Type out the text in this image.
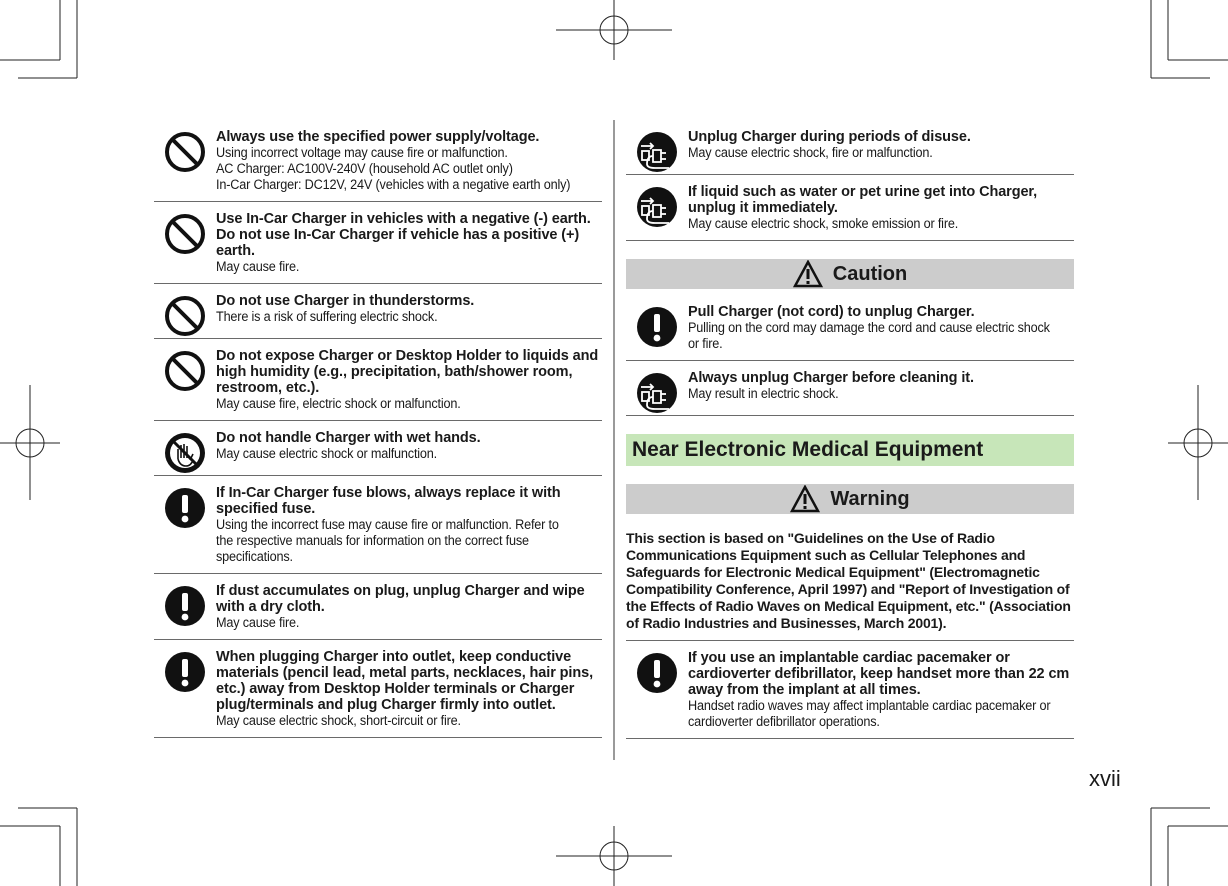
Always use the specified power supply/voltage.
Using incorrect voltage may cause fire or malfunction.
AC Charger: AC100V-240V (household AC outlet only)
In-Car Charger: DC12V, 24V (vehicles with a negative earth only)
Use In-Car Charger in vehicles with a negative (-) earth. Do not use In-Car Charger if vehicle has a positive (+) earth.
May cause fire.
Do not use Charger in thunderstorms.
There is a risk of suffering electric shock.
Do not expose Charger or Desktop Holder to liquids and high humidity (e.g., precipitation, bath/shower room, restroom, etc.).
May cause fire, electric shock or malfunction.
Do not handle Charger with wet hands.
May cause electric shock or malfunction.
If In-Car Charger fuse blows, always replace it with specified fuse.
Using the incorrect fuse may cause fire or malfunction. Refer to the respective manuals for information on the correct fuse specifications.
If dust accumulates on plug, unplug Charger and wipe with a dry cloth.
May cause fire.
When plugging Charger into outlet, keep conductive materials (pencil lead, metal parts, necklaces, hair pins, etc.) away from Desktop Holder terminals or Charger plug/terminals and plug Charger firmly into outlet.
May cause electric shock, short-circuit or fire.
Unplug Charger during periods of disuse.
May cause electric shock, fire or malfunction.
If liquid such as water or pet urine get into Charger, unplug it immediately.
May cause electric shock, smoke emission or fire.
Caution
Pull Charger (not cord) to unplug Charger.
Pulling on the cord may damage the cord and cause electric shock or fire.
Always unplug Charger before cleaning it.
May result in electric shock.
Near Electronic Medical Equipment
Warning
This section is based on "Guidelines on the Use of Radio Communications Equipment such as Cellular Telephones and Safeguards for Electronic Medical Equipment" (Electromagnetic Compatibility Conference, April 1997) and "Report of Investigation of the Effects of Radio Waves on Medical Equipment, etc." (Association of Radio Industries and Businesses, March 2001).
If you use an implantable cardiac pacemaker or cardioverter defibrillator, keep handset more than 22 cm away from the implant at all times.
Handset radio waves may affect implantable cardiac pacemaker or cardioverter defibrillator operations.
xvii
